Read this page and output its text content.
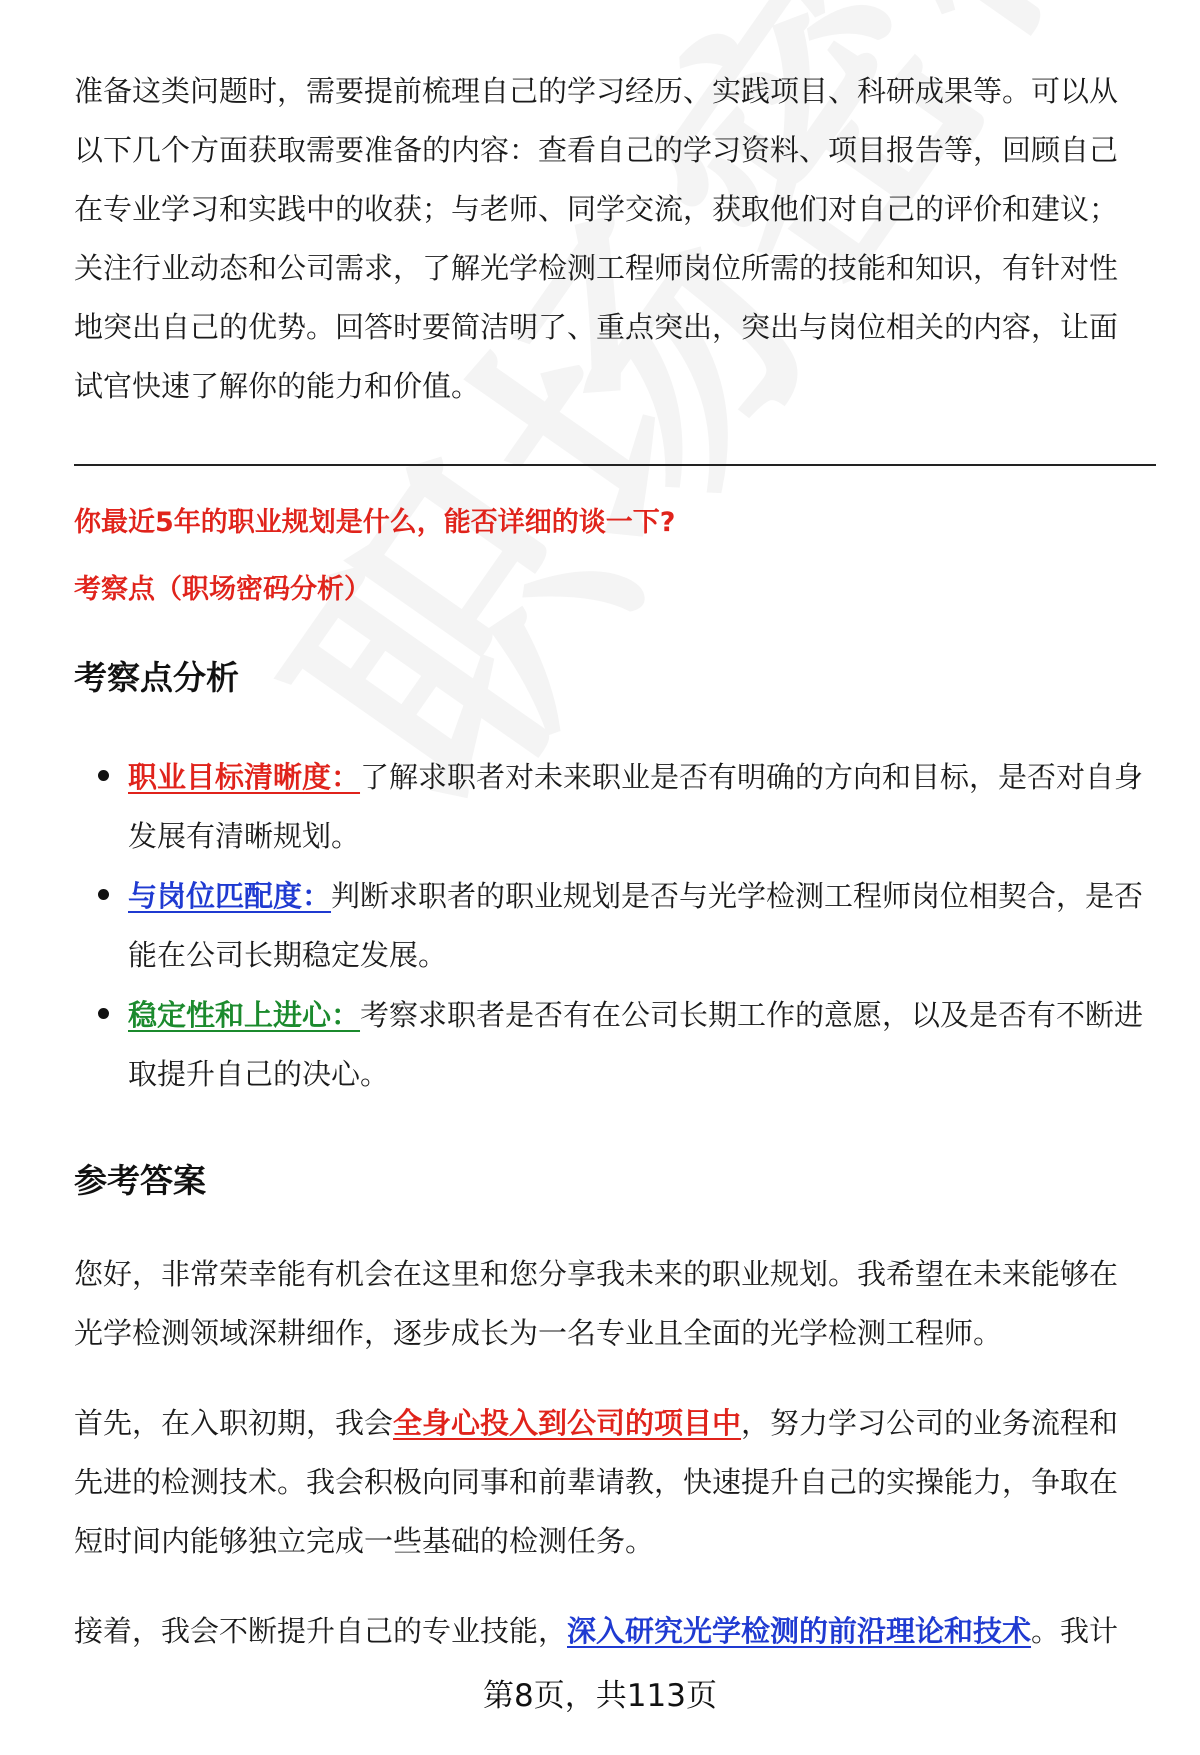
准备这类问题时，需要提前梳理自己的学习经历、实践项目、科研成果等。可以从以下几个方面获取需要准备的内容：查看自己的学习资料、项目报告等，回顾自己在专业学习和实践中的收获；与老师、同学交流，获取他们对自己的评价和建议；关注行业动态和公司需求，了解光学检测工程师岗位所需的技能和知识，有针对性地突出自己的优势。回答时要简洁明了、重点突出，突出与岗位相关的内容，让面试官快速了解你的能力和价值。

你最近5年的职业规划是什么，能否详细的谈一下?
考察点（职场密码分析）
考察点分析
职业目标清晰度：了解求职者对未来职业是否有明确的方向和目标，是否对自身发展有清晰规划。
与岗位匹配度：判断求职者的职业规划是否与光学检测工程师岗位相契合，是否能在公司长期稳定发展。
稳定性和上进心：考察求职者是否有在公司长期工作的意愿，以及是否有不断进取提升自己的决心。
参考答案

您好，非常荣幸能有机会在这里和您分享我未来的职业规划。我希望在未来能够在光学检测领域深耕细作，逐步成长为一名专业且全面的光学检测工程师。

首先，在入职初期，我会全身心投入到公司的项目中，努力学习公司的业务流程和先进的检测技术。我会积极向同事和前辈请教，快速提升自己的实操能力，争取在短时间内能够独立完成一些基础的检测任务。

接着，我会不断提升自己的专业技能，深入研究光学检测的前沿理论和技术。我计

第8页，共113页
